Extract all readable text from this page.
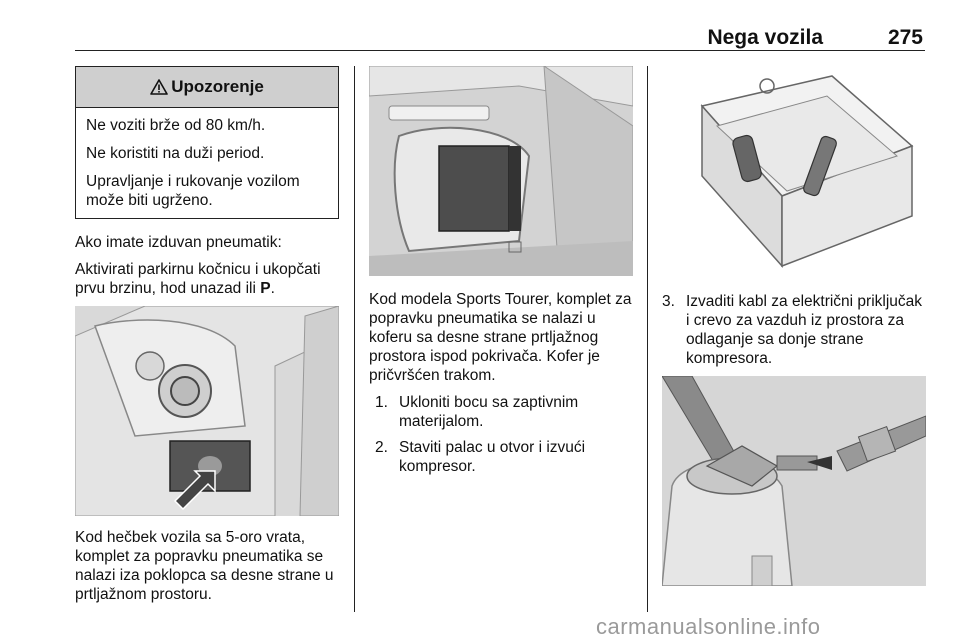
Nega vozila	275
Upozorenje

Ne voziti brže od 80 km/h.

Ne koristiti na duži period.

Upravljanje i rukovanje vozilom može biti ugrženo.

Ako imate izduvan pneumatik:

Aktivirati parkirnu kočnicu i ukopčati prvu brzinu, hod unazad ili P.

Kod hečbek vozila sa 5-oro vrata, komplet za popravku pneumatika se nalazi iza poklopca sa desne strane u prtljažnom prostoru.

Kod modela Sports Tourer, komplet za popravku pneumatika se nalazi u koferu sa desne strane prtljažnog prostora ispod pokrivača. Kofer je pričvršćen trakom.

1. Ukloniti bocu sa zaptivnim materijalom.
2. Staviti palac u otvor i izvući kompresor.
3. Izvaditi kabl za električni priključak i crevo za vazduh iz prostora za odlaganje sa donje strane kompresora.
carmanualsonline.info
